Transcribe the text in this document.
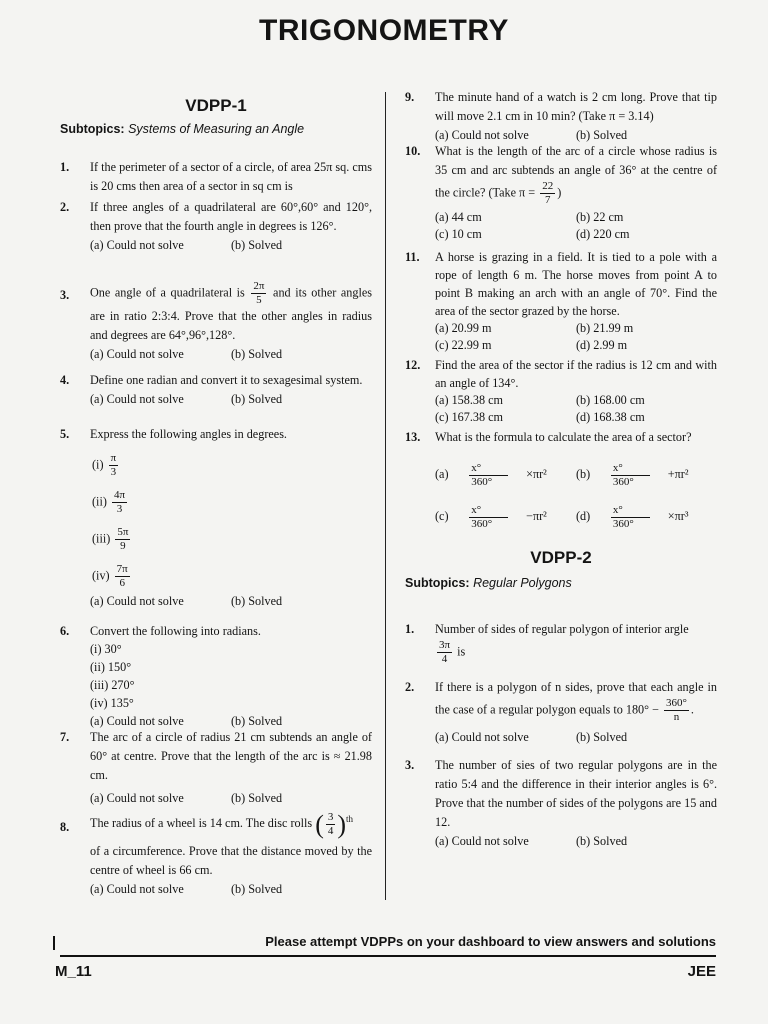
TRIGONOMETRY
VDPP-1
Subtopics: Systems of Measuring an Angle
1. If the perimeter of a sector of a circle, of area 25π sq. cms is 20 cms then area of a sector in sq cm is
2. If three angles of a quadrilateral are 60°,60° and 120°, then prove that the fourth angle in degrees is 126°.
(a) Could not solve	(b) Solved
3. One angle of a quadrilateral is $\frac{2\pi}{5}$ and its other angles are in ratio 2:3:4. Prove that the other angles in radius and degrees are 64°,96°,128°.
(a) Could not solve	(b) Solved
4. Define one radian and convert it to sexagesimal system.
(a) Could not solve	(b) Solved
5. Express the following angles in degrees.
$(i) \frac{\pi}{3}$
$(ii) \frac{4\pi}{3}$
$(iii) \frac{5\pi}{9}$
$(iv) \frac{7\pi}{6}$
(a) Could not solve	(b) Solved
6. Convert the following into radians.
(i) 30°
(ii) 150°
(iii) 270°
(iv) 135°
(a) Could not solve	(b) Solved
7. The arc of a circle of radius 21 cm subtends an angle of 60° at centre. Prove that the length of the arc is ≈ 21.98 cm.
(a) Could not solve	(b) Solved
8. The radius of a wheel is 14 cm. The disc rolls ( $\frac{3}{4} )^{th}$
of a circumference. Prove that the distance moved by the centre of wheel is 66 cm.
(a) Could not solve	(b) Solved
9. The minute hand of a watch is 2 cm long. Prove that tip will move 2.1 cm in 10 min? (Take π = 3.14)
(a) Could not solve	(b) Solved
10. What is the length of the arc of a circle whose radius is 35 cm and arc subtends an angle of 36° at the centre of the circle? (Take $\pi = \frac{22}{7}$ )
(a) 44 cm	(b) 22 cm
(c) 10 cm	(d) 220 cm
11. A horse is grazing in a field. It is tied to a pole with a rope of length 6 m. The horse moves from point A to point B making an arch with an angle of 70°. Find the area of the sector grazed by the horse.
(a) 20.99 m	(b) 21.99 m
(c) 22.99 m	(d) 2.99 m
12. Find the area of the sector if the radius is 12 cm and with an angle of 134°.
(a) 158.38 cm	(b) 168.00 cm
(c) 167.38 cm	(d) 168.38 cm
13. What is the formula to calculate the area of a sector?
$(a) \frac{x^\circ}{360^\circ} \times\pi r^2$	$(b) \frac{x^\circ}{360^\circ} +\pi r^2$
$(c) \frac{x^\circ}{360^\circ} -\pi r^2$	$(d) \frac{x^\circ}{360^\circ} \times\pi r^3$
VDPP-2
Subtopics: Regular Polygons
1. Number of sides of regular polygon of interior argle
$\frac{3\pi}{4}$ is
2. If there is a polygon of n sides, prove that each angle in the case of a regular polygon equals to $180^\circ - \frac{360^\circ}{n}$ .
(a) Could not solve	(b) Solved
3. The number of sies of two regular polygons are in the ratio 5:4 and the difference in their interior angles is 6°. Prove that the number of sides of the polygons are 15 and 12.
(a) Could not solve	(b) Solved
Please attempt VDPPs on your dashboard to view answers and solutions
M_11	JEE
